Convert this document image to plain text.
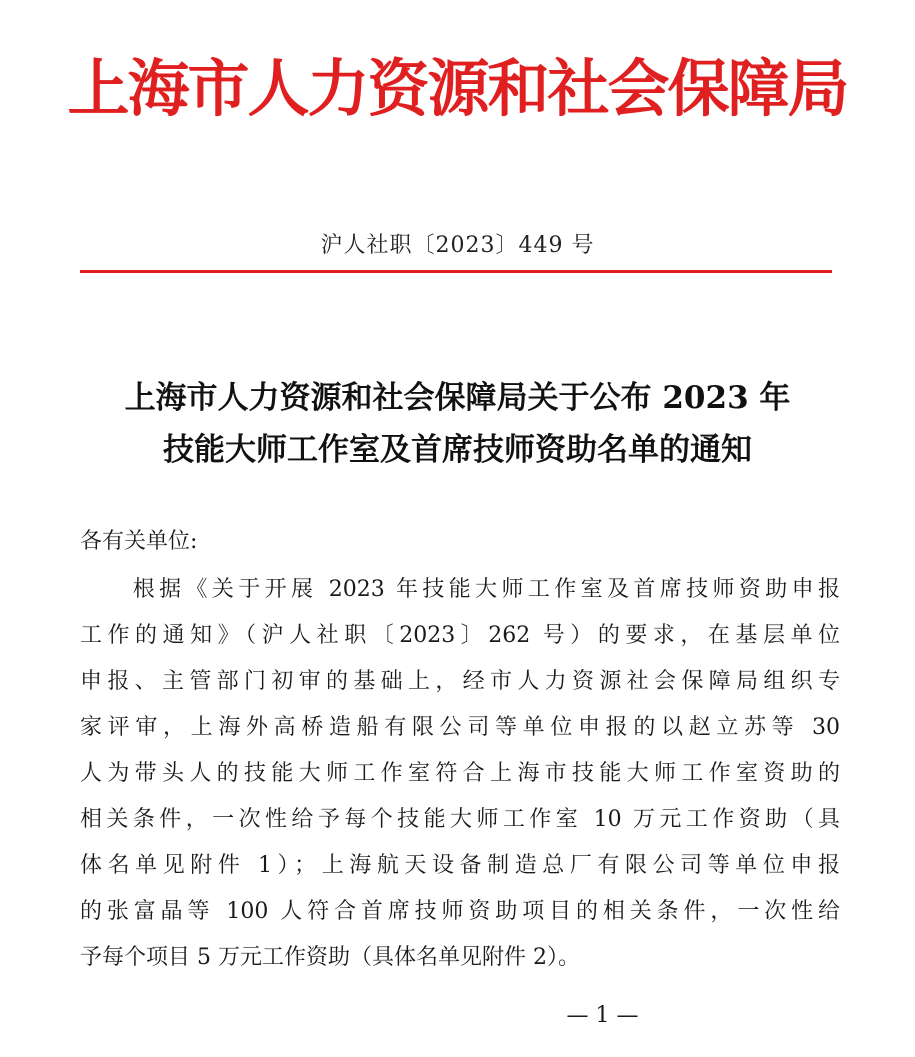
上海市人力资源和社会保障局
沪人社职〔2023〕449 号
上海市人力资源和社会保障局关于公布 2023 年
技能大师工作室及首席技师资助名单的通知
各有关单位:
　　根据《关于开展 2023 年技能大师工作室及首席技师资助申报
工作的通知》（沪人社职〔2023〕262 号）的要求，在基层单位
申报、主管部门初审的基础上，经市人力资源社会保障局组织专
家评审，上海外高桥造船有限公司等单位申报的以赵立苏等 30
人为带头人的技能大师工作室符合上海市技能大师工作室资助的
相关条件，一次性给予每个技能大师工作室 10 万元工作资助（具
体名单见附件 1）；上海航天设备制造总厂有限公司等单位申报
的张富晶等 100 人符合首席技师资助项目的相关条件，一次性给
予每个项目 5 万元工作资助（具体名单见附件 2）。
— 1 —
